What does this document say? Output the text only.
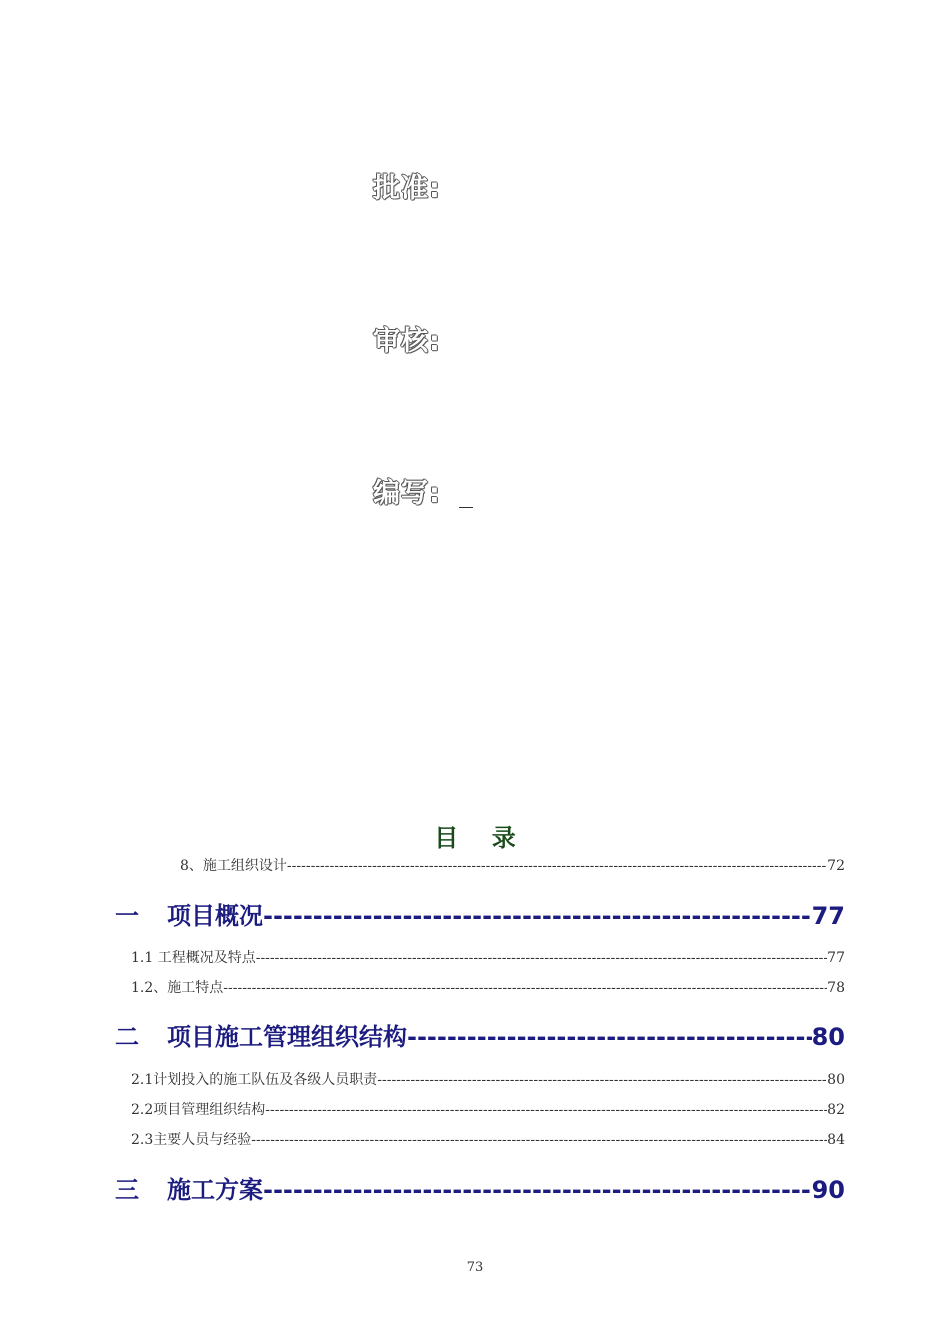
批准:
审核:
编写:
目    录
8、施工组织设计 -----	72
一 项目概况 -----	77
1.1 工程概况及特点 -----	77
1.2、施工特点 -----	78
二 项目施工管理组织结构 -----	80
2.1计划投入的施工队伍及各级人员职责 -----	80
2.2项目管理组织结构 -----	82
2.3主要人员与经验 -----	84
三 施工方案 -----	90
73
